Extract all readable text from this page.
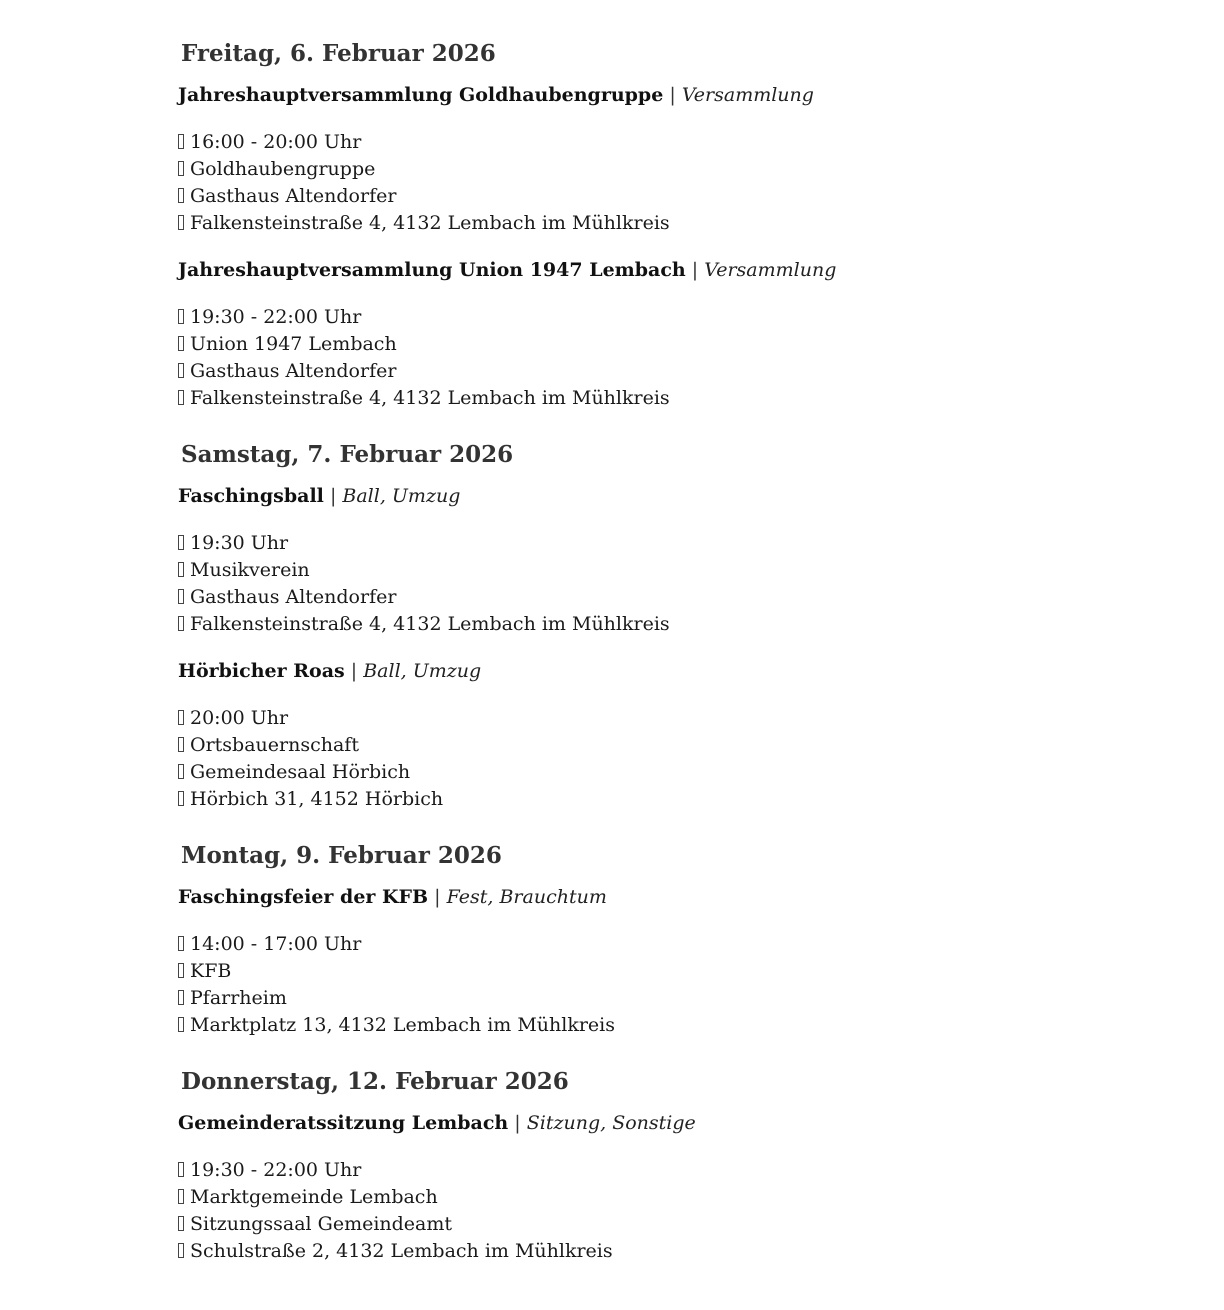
Freitag, 6. Februar 2026
Jahreshauptversammlung Goldhaubengruppe | Versammlung
16:00 - 20:00 Uhr
Goldhaubengruppe
Gasthaus Altendorfer
Falkensteinstraße 4, 4132 Lembach im Mühlkreis
Jahreshauptversammlung Union 1947 Lembach | Versammlung
19:30 - 22:00 Uhr
Union 1947 Lembach
Gasthaus Altendorfer
Falkensteinstraße 4, 4132 Lembach im Mühlkreis
Samstag, 7. Februar 2026
Faschingsball | Ball, Umzug
19:30 Uhr
Musikverein
Gasthaus Altendorfer
Falkensteinstraße 4, 4132 Lembach im Mühlkreis
Hörbicher Roas | Ball, Umzug
20:00 Uhr
Ortsbauernschaft
Gemeindesaal Hörbich
Hörbich 31, 4152 Hörbich
Montag, 9. Februar 2026
Faschingsfeier der KFB | Fest, Brauchtum
14:00 - 17:00 Uhr
KFB
Pfarrheim
Marktplatz 13, 4132 Lembach im Mühlkreis
Donnerstag, 12. Februar 2026
Gemeinderatssitzung Lembach | Sitzung, Sonstige
19:30 - 22:00 Uhr
Marktgemeinde Lembach
Sitzungssaal Gemeindeamt
Schulstraße 2, 4132 Lembach im Mühlkreis
